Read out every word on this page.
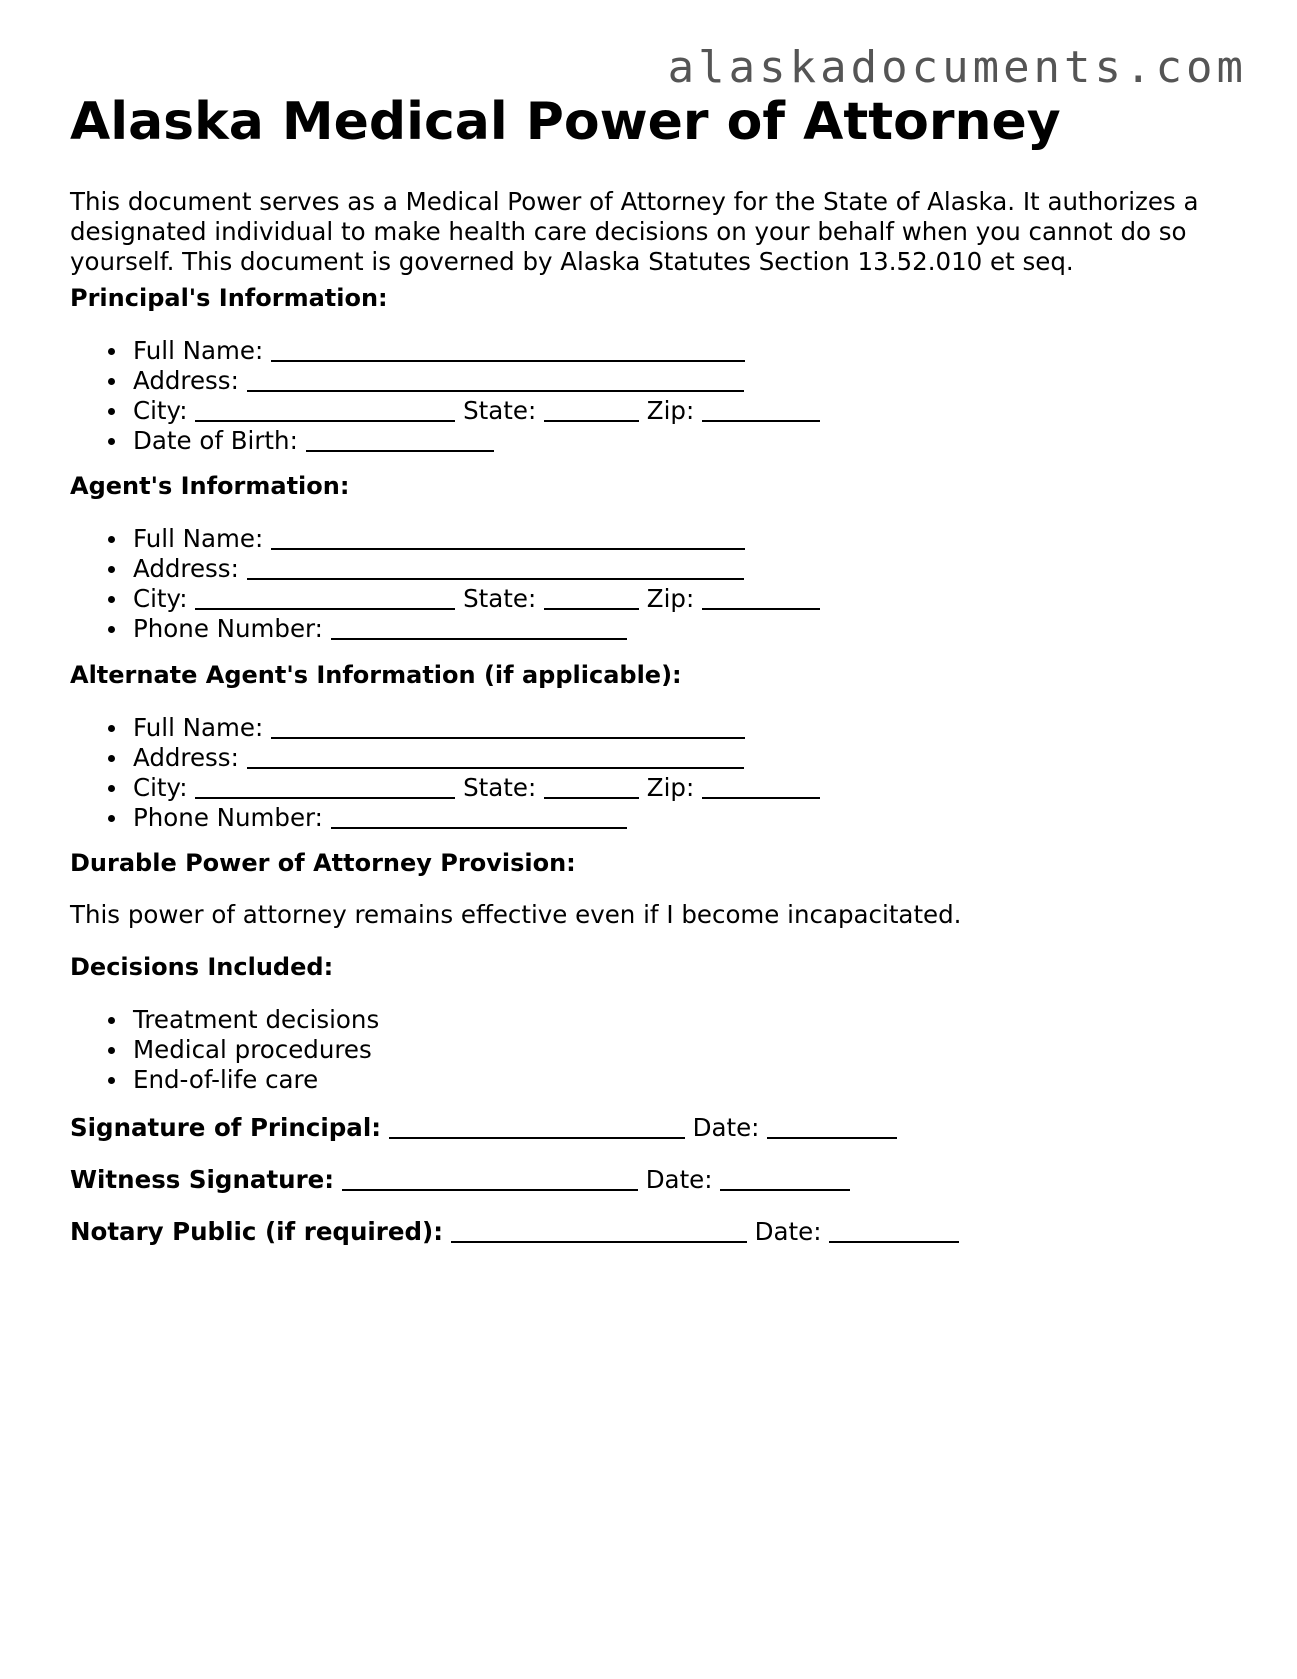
alaskadocuments.com
Alaska Medical Power of Attorney

This document serves as a Medical Power of Attorney for the State of Alaska. It authorizes a designated individual to make health care decisions on your behalf when you cannot do so yourself. This document is governed by Alaska Statutes Section 13.52.010 et seq.

Principal's Information:

Full Name:
Address:
City:	State:	Zip:
Date of Birth:

Agent's Information:

Full Name:
Address:
City:	State:	Zip:
Phone Number:

Alternate Agent's Information (if applicable):

Full Name:
Address:
City:	State:	Zip:
Phone Number:

Durable Power of Attorney Provision:

This power of attorney remains effective even if I become incapacitated.

Decisions Included:

Treatment decisions
Medical procedures
End-of-life care

Signature of Principal:	Date:

Witness Signature:	Date:

Notary Public (if required):	Date:
